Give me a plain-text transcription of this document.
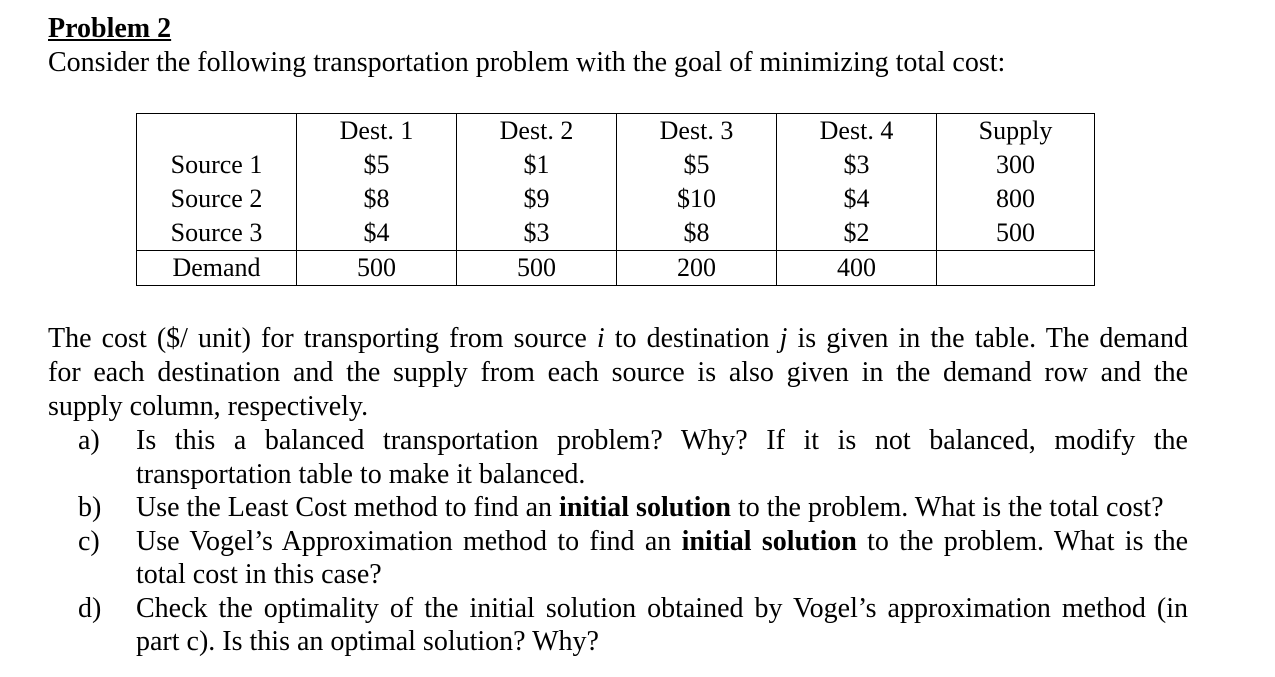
Problem 2
Consider the following transportation problem with the goal of minimizing total cost:
	Dest. 1	Dest. 2	Dest. 3	Dest. 4	Supply
Source 1	$5	$1	$5	$3	300
Source 2	$8	$9	$10	$4	800
Source 3	$4	$3	$8	$2	500
Demand	500	500	200	400	
The cost ($/ unit) for transporting from source i to destination j is given in the table. The demand
for each destination and the supply from each source is also given in the demand row and the
supply column, respectively.
a) Is this a balanced transportation problem? Why? If it is not balanced, modify the
transportation table to make it balanced.
b) Use the Least Cost method to find an initial solution to the problem. What is the total cost?
c) Use Vogel’s Approximation method to find an initial solution to the problem. What is the
total cost in this case?
d) Check the optimality of the initial solution obtained by Vogel’s approximation method (in
part c). Is this an optimal solution? Why?
